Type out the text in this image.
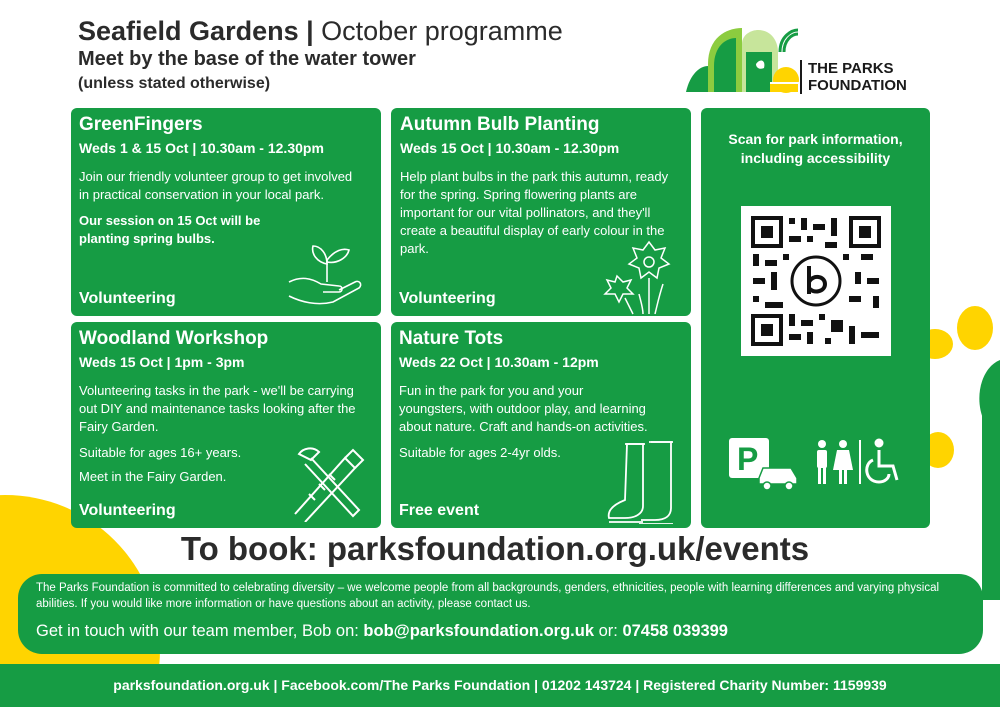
Seafield Gardens | October programme
Meet by the base of the water tower
(unless stated otherwise)
THE PARKS
FOUNDATION
GreenFingers
Weds 1 & 15 Oct | 10.30am - 12.30pm

Join our friendly volunteer group to get involved in practical conservation in your local park.

Our session on 15 Oct will be planting spring bulbs.

Volunteering
Autumn Bulb Planting
Weds 15 Oct | 10.30am - 12.30pm

Help plant bulbs in the park this autumn, ready for the spring. Spring flowering plants are important for our vital pollinators, and they'll create a beautiful display of early colour in the park.

Volunteering
Woodland Workshop
Weds 15 Oct | 1pm - 3pm

Volunteering tasks in the park - we'll be carrying out DIY and maintenance tasks looking after the Fairy Garden.

Suitable for ages 16+ years.

Meet in the Fairy Garden.

Volunteering
Nature Tots
Weds 22 Oct | 10.30am - 12pm

Fun in the park for you and your youngsters, with outdoor play, and learning about nature. Craft and hands-on activities.

Suitable for ages 2-4yr olds.

Free event
Scan for park information, including accessibility
P
To book: parksfoundation.org.uk/events
The Parks Foundation is committed to celebrating diversity – we welcome people from all backgrounds, genders, ethnicities, people with learning differences and varying physical abilities. If you would like more information or have questions about an activity, please contact us.
Get in touch with our team member, Bob on: bob@parksfoundation.org.uk or: 07458 039399
parksfoundation.org.uk | Facebook.com/The Parks Foundation | 01202 143724 | Registered Charity Number: 1159939
